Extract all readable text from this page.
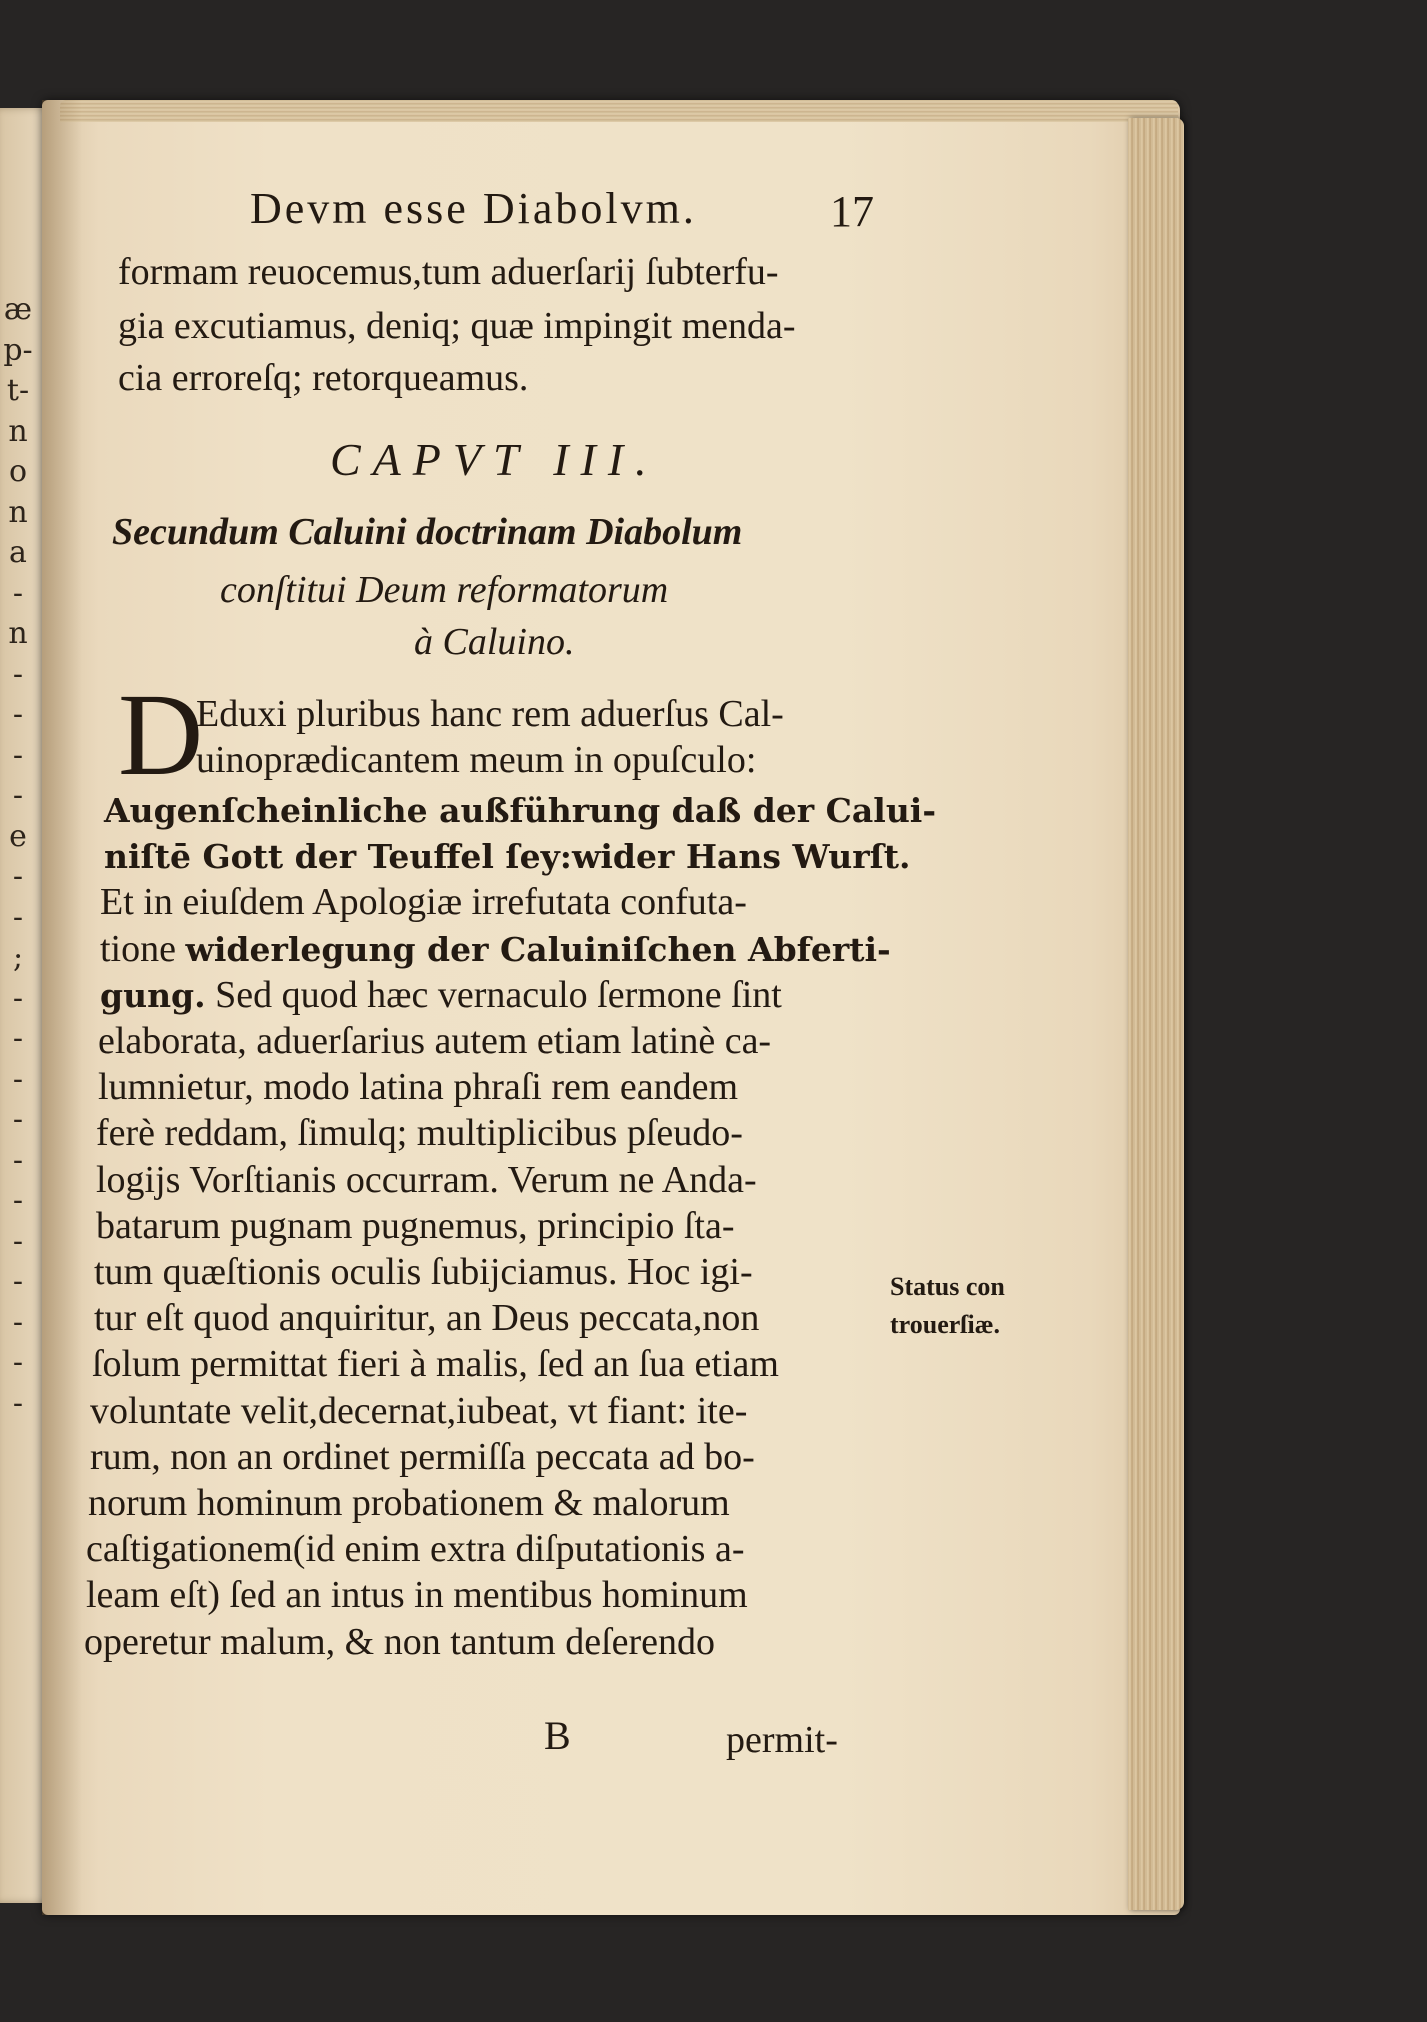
æ
p-
t-
n
o
n
a
-
n
-
-
-
-
e
-
-
;
-
-
-
-
-
-
-
-
-
-
-
Devm esse Diabolvm.	17
formam reuocemus,tum aduerſarij ſubterfu-
gia excutiamus, deniq; quæ impingit menda-
cia erroreſq; retorqueamus.
CAPVT III.
Secundum Caluini doctrinam Diabolum
conſtitui Deum reformatorum
à Caluino.
D
Eduxi pluribus hanc rem aduerſus Cal-
uinoprædicantem meum in opuſculo:
Augenſcheinliche außführung daß der Calui-
niſtē Gott der Teuffel ſey:wider Hans Wurſt.
Et in eiuſdem Apologiæ irrefutata confuta-
tione widerlegung der Caluiniſchen Abferti-
gung. Sed quod hæc vernaculo ſermone ſint
elaborata, aduerſarius autem etiam latinè ca-
lumnietur, modo latina phraſi rem eandem
ferè reddam, ſimulq; multiplicibus pſeudo-
logijs Vorſtianis occurram. Verum ne Anda-
batarum pugnam pugnemus, principio ſta-
tum quæſtionis oculis ſubijciamus. Hoc igi-
tur eſt quod anquiritur, an Deus peccata,non
ſolum permittat fieri à malis, ſed an ſua etiam
voluntate velit,decernat,iubeat, vt fiant: ite-
rum, non an ordinet permiſſa peccata ad bo-
norum hominum probationem & malorum
caſtigationem(id enim extra diſputationis a-
leam eſt) ſed an intus in mentibus hominum
operetur malum, & non tantum deſerendo
Status con
trouerſiæ.
B	permit-
